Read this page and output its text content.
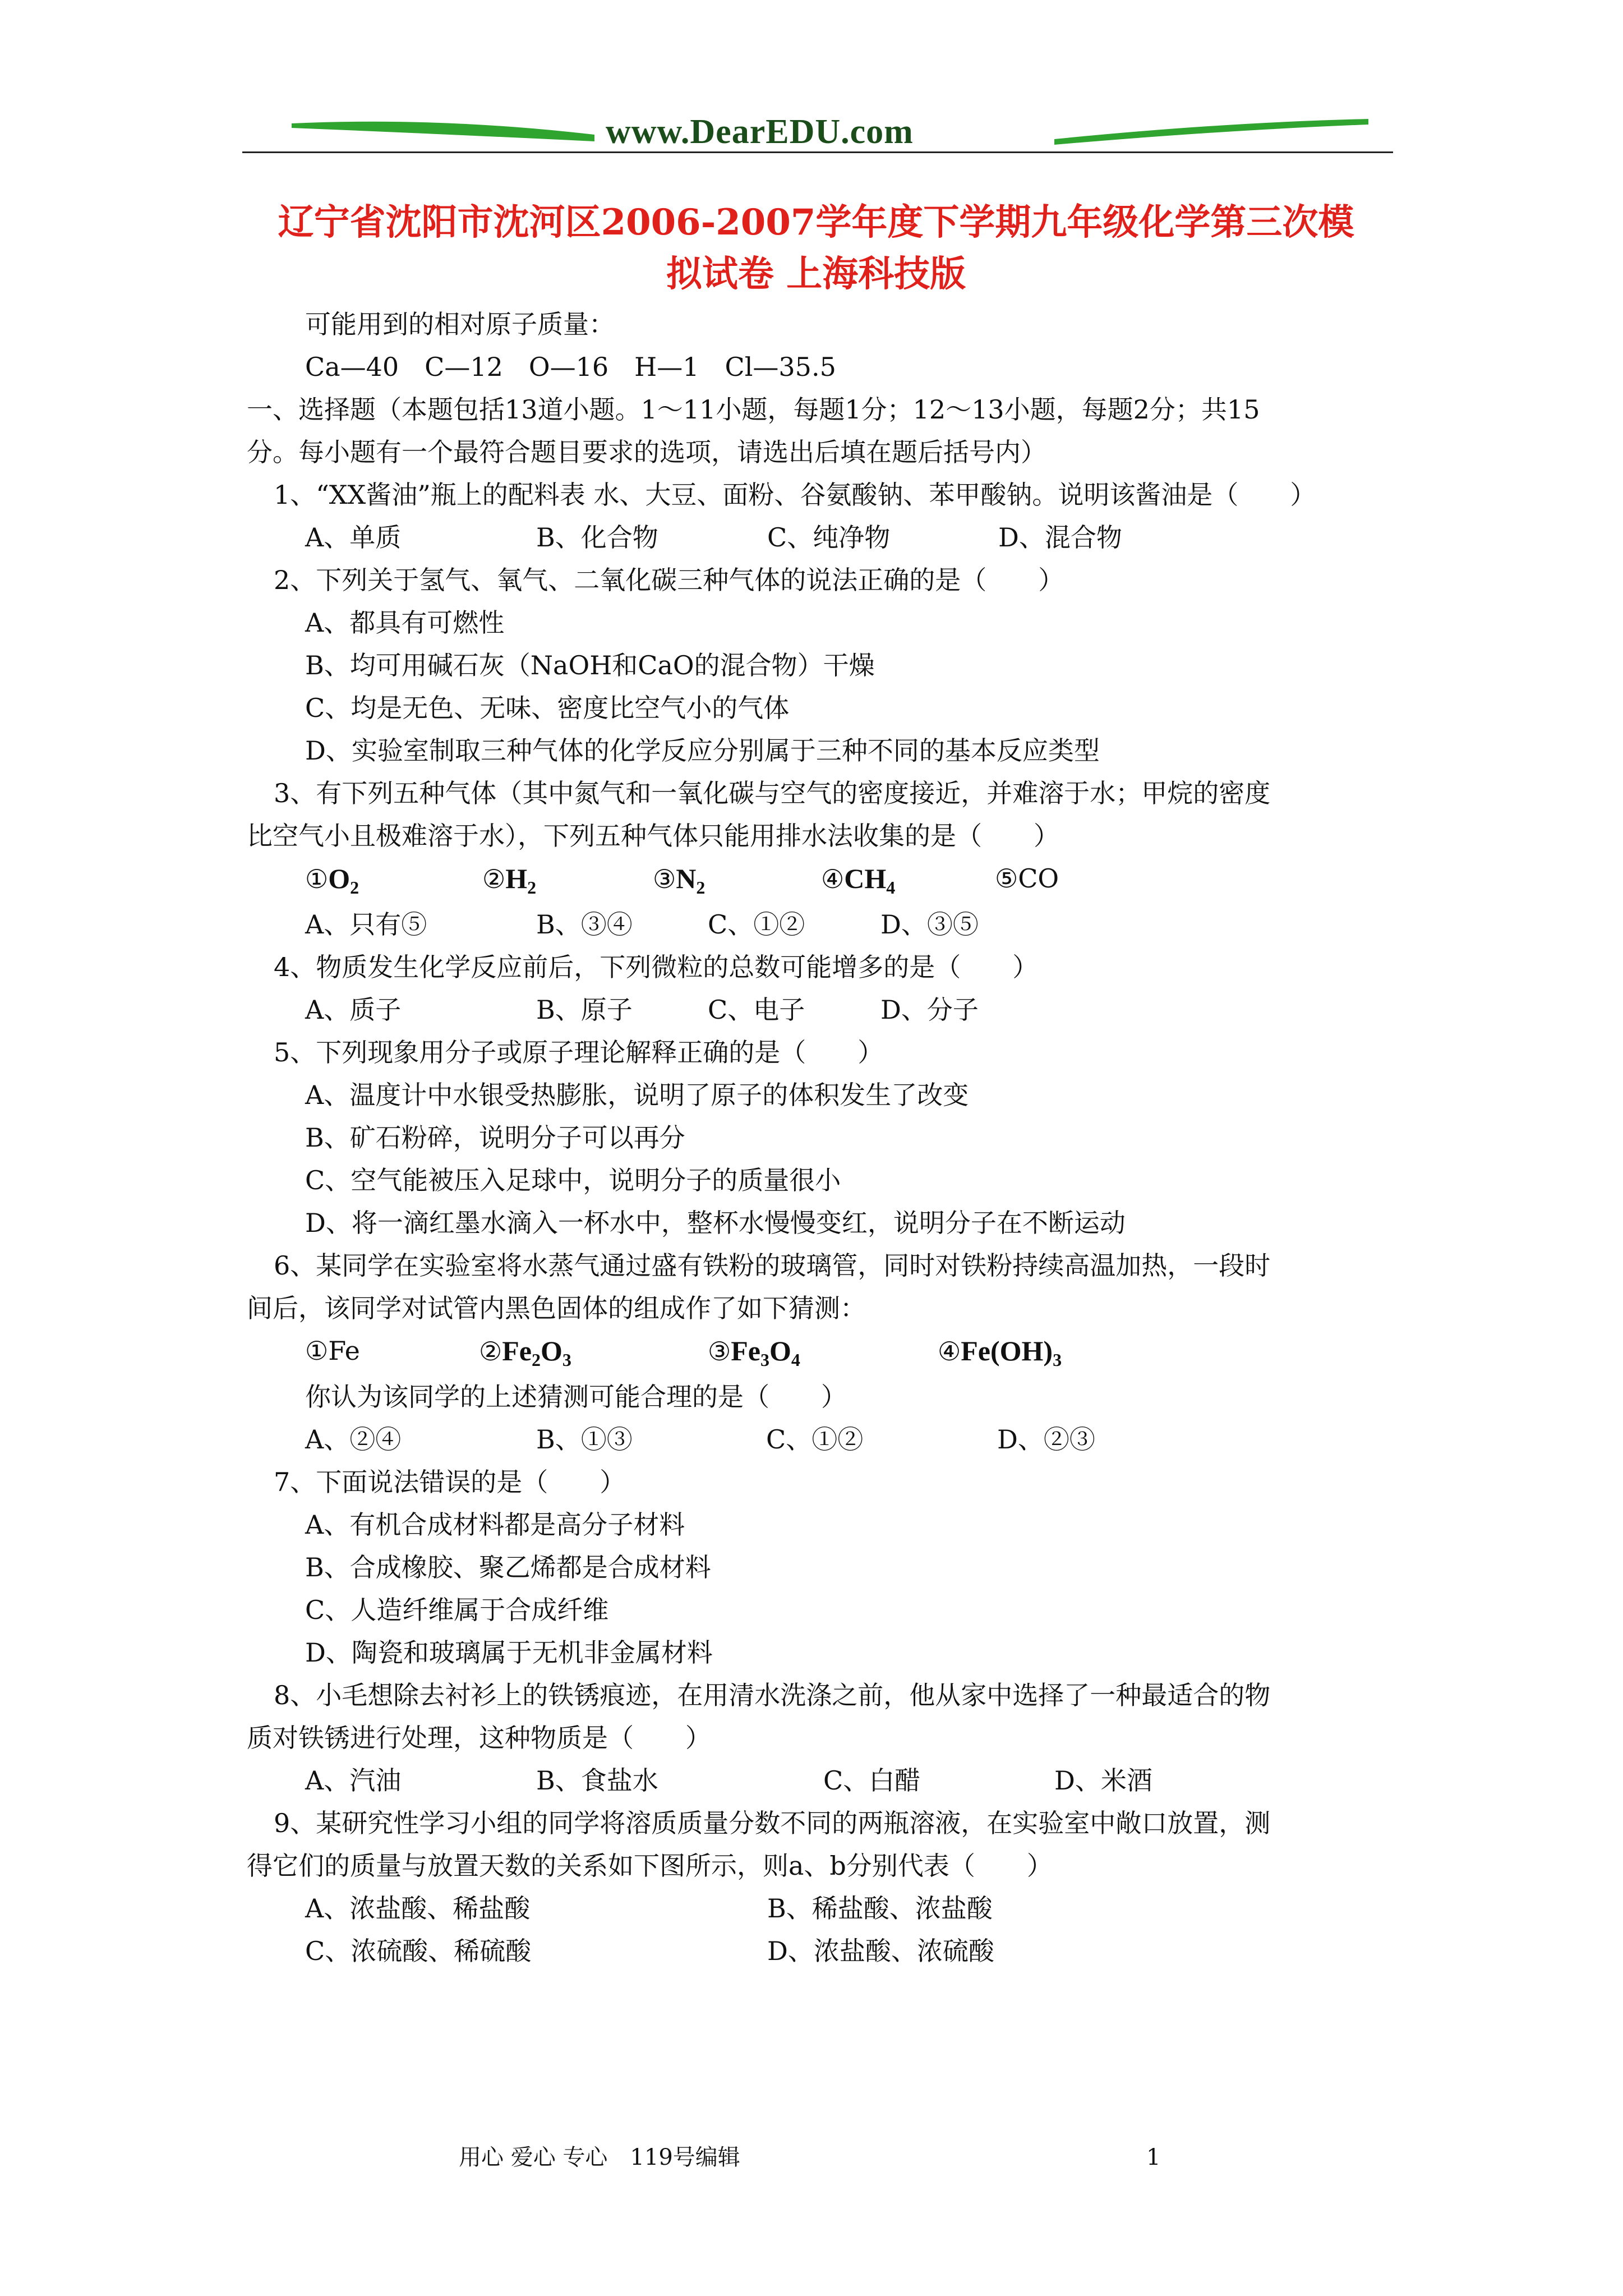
www.DearEDU.com
辽宁省沈阳市沈河区2006-2007学年度下学期九年级化学第三次模
拟试卷 上海科技版
可能用到的相对原子质量：
Ca—40　C—12　O—16　H—1　Cl—35.5
一、选择题（本题包括13道小题。1～11小题，每题1分；12～13小题，每题2分；共15
分。每小题有一个最符合题目要求的选项，请选出后填在题后括号内）
1、“XX酱油”瓶上的配料表 水、大豆、面粉、谷氨酸钠、苯甲酸钠。说明该酱油是（　　）
A、单质	B、化合物	C、纯净物	D、混合物
2、下列关于氢气、氧气、二氧化碳三种气体的说法正确的是（　　）
A、都具有可燃性
B、均可用碱石灰（NaOH和CaO的混合物）干燥
C、均是无色、无味、密度比空气小的气体
D、实验室制取三种气体的化学反应分别属于三种不同的基本反应类型
3、有下列五种气体（其中氮气和一氧化碳与空气的密度接近，并难溶于水；甲烷的密度
比空气小且极难溶于水），下列五种气体只能用排水法收集的是（　　）
$①O_2$	$②H_2$	$③N_2$	$④CH_4$	⑤CO
A、只有⑤	B、③④	C、①②	D、③⑤
4、物质发生化学反应前后，下列微粒的总数可能增多的是（　　）
A、质子	B、原子	C、电子	D、分子
5、下列现象用分子或原子理论解释正确的是（　　）
A、温度计中水银受热膨胀，说明了原子的体积发生了改变
B、矿石粉碎，说明分子可以再分
C、空气能被压入足球中，说明分子的质量很小
D、将一滴红墨水滴入一杯水中，整杯水慢慢变红，说明分子在不断运动
6、某同学在实验室将水蒸气通过盛有铁粉的玻璃管，同时对铁粉持续高温加热，一段时
间后，该同学对试管内黑色固体的组成作了如下猜测：
①Fe	$②Fe_2O_3$	$③Fe_3O_4$	$④Fe(OH)_3$
你认为该同学的上述猜测可能合理的是（　　）
A、②④	B、①③	C、①②	D、②③
7、下面说法错误的是（　　）
A、有机合成材料都是高分子材料
B、合成橡胶、聚乙烯都是合成材料
C、人造纤维属于合成纤维
D、陶瓷和玻璃属于无机非金属材料
8、小毛想除去衬衫上的铁锈痕迹，在用清水洗涤之前，他从家中选择了一种最适合的物
质对铁锈进行处理，这种物质是（　　）
A、汽油	B、食盐水	C、白醋	D、米酒
9、某研究性学习小组的同学将溶质质量分数不同的两瓶溶液，在实验室中敞口放置，测
得它们的质量与放置天数的关系如下图所示，则a、b分别代表（　　）
A、浓盐酸、稀盐酸	B、稀盐酸、浓盐酸
C、浓硫酸、稀硫酸	D、浓盐酸、浓硫酸
用心 爱心 专心　119号编辑	1
